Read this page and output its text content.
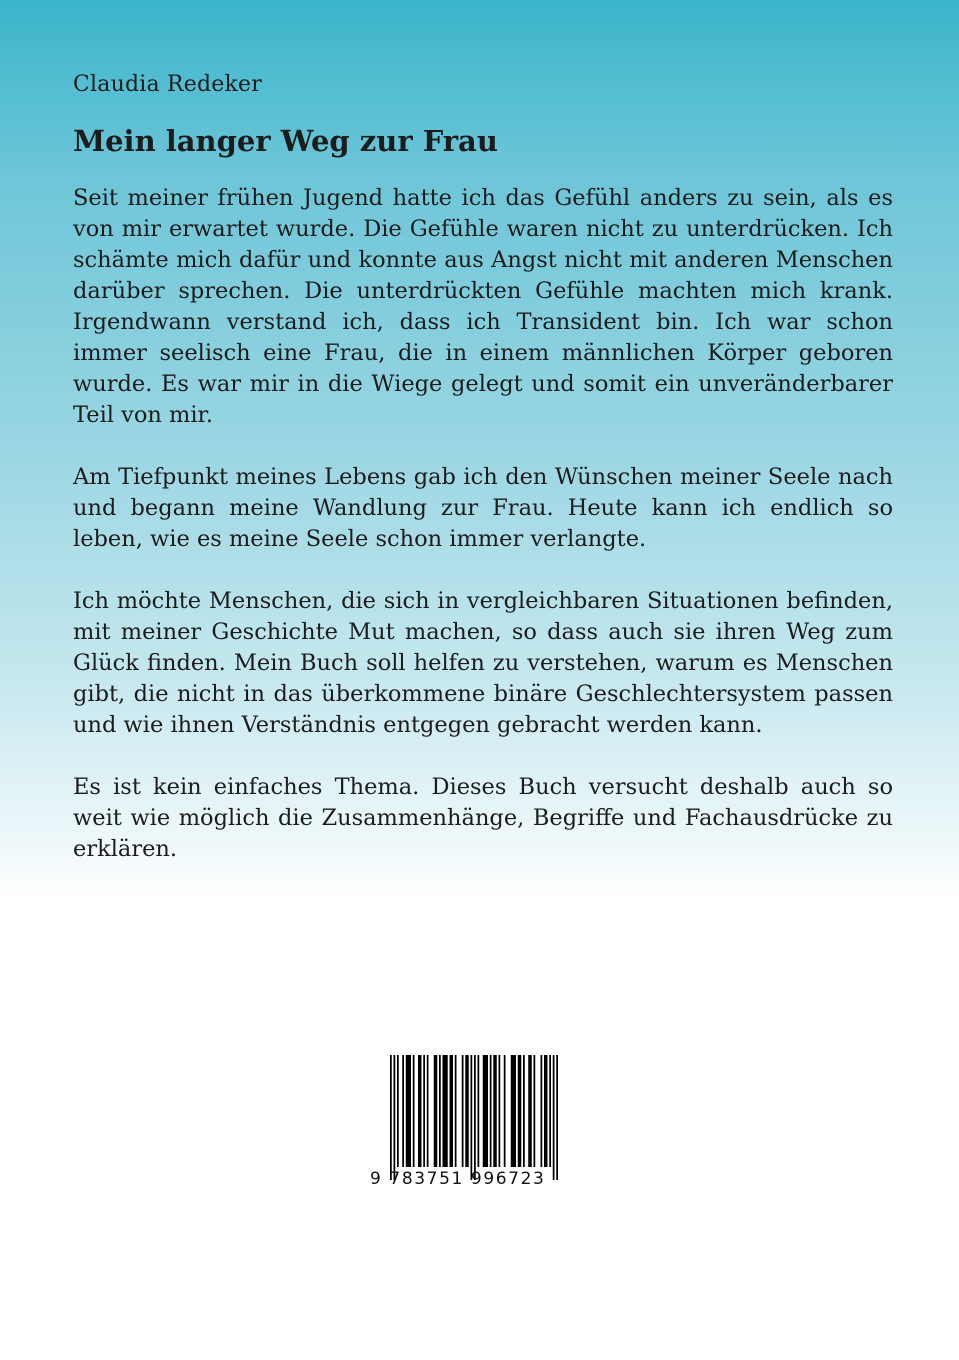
Claudia Redeker
Mein langer Weg zur Frau

Seit meiner frühen Jugend hatte ich das Gefühl anders zu sein, als es von mir erwartet wurde. Die Gefühle waren nicht zu unterdrücken. Ich schämte mich dafür und konnte aus Angst nicht mit anderen Menschen darüber sprechen. Die unterdrückten Gefühle machten mich krank. Irgendwann verstand ich, dass ich Transident bin. Ich war schon immer seelisch eine Frau, die in einem männlichen Körper geboren wurde. Es war mir in die Wiege gelegt und somit ein unveränderbarer Teil von mir.

Am Tiefpunkt meines Lebens gab ich den Wünschen meiner Seele nach und begann meine Wandlung zur Frau. Heute kann ich endlich so leben, wie es meine Seele schon immer verlangte.

Ich möchte Menschen, die sich in vergleichbaren Situationen befinden, mit meiner Geschichte Mut machen, so dass auch sie ihren Weg zum Glück finden. Mein Buch soll helfen zu verstehen, warum es Menschen gibt, die nicht in das überkommene binäre Geschlechtersystem passen und wie ihnen Verständnis entgegen gebracht werden kann.

Es ist kein einfaches Thema. Dieses Buch versucht deshalb auch so weit wie möglich die Zusammenhänge, Begriffe und Fachausdrücke zu erklären.

9 783751 996723
